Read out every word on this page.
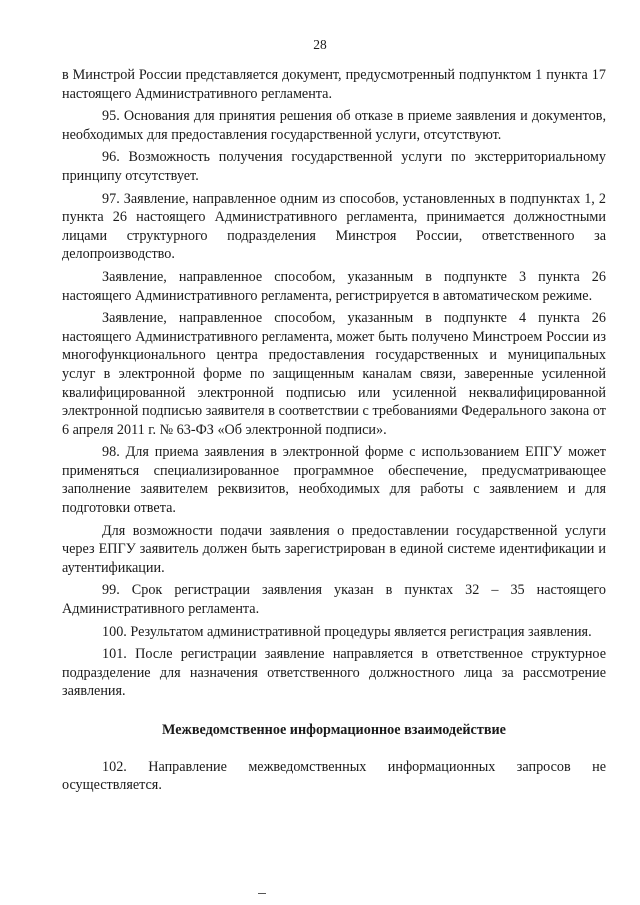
28

в Минстрой России представляется документ, предусмотренный подпунктом 1 пункта 17 настоящего Административного регламента.

95. Основания для принятия решения об отказе в приеме заявления и документов, необходимых для предоставления государственной услуги, отсутствуют.

96. Возможность получения государственной услуги по экстерриториальному принципу отсутствует.

97. Заявление, направленное одним из способов, установленных в подпунктах 1, 2 пункта 26 настоящего Административного регламента, принимается должностными лицами структурного подразделения Минстроя России, ответственного за делопроизводство.

Заявление, направленное способом, указанным в подпункте 3 пункта 26 настоящего Административного регламента, регистрируется в автоматическом режиме.

Заявление, направленное способом, указанным в подпункте 4 пункта 26 настоящего Административного регламента, может быть получено Минстроем России из многофункционального центра предоставления государственных и муниципальных услуг в электронной форме по защищенным каналам связи, заверенные усиленной квалифицированной электронной подписью или усиленной неквалифицированной электронной подписью заявителя в соответствии с требованиями Федерального закона от 6 апреля 2011 г. № 63-ФЗ «Об электронной подписи».

98. Для приема заявления в электронной форме с использованием ЕПГУ может применяться специализированное программное обеспечение, предусматривающее заполнение заявителем реквизитов, необходимых для работы с заявлением и для подготовки ответа.

Для возможности подачи заявления о предоставлении государственной услуги через ЕПГУ заявитель должен быть зарегистрирован в единой системе идентификации и аутентификации.

99. Срок регистрации заявления указан в пунктах 32 – 35 настоящего Административного регламента.

100. Результатом административной процедуры является регистрация заявления.

101. После регистрации заявление направляется в ответственное структурное подразделение для назначения ответственного должностного лица за рассмотрение заявления.

Межведомственное информационное взаимодействие

102. Направление межведомственных информационных запросов не осуществляется.
